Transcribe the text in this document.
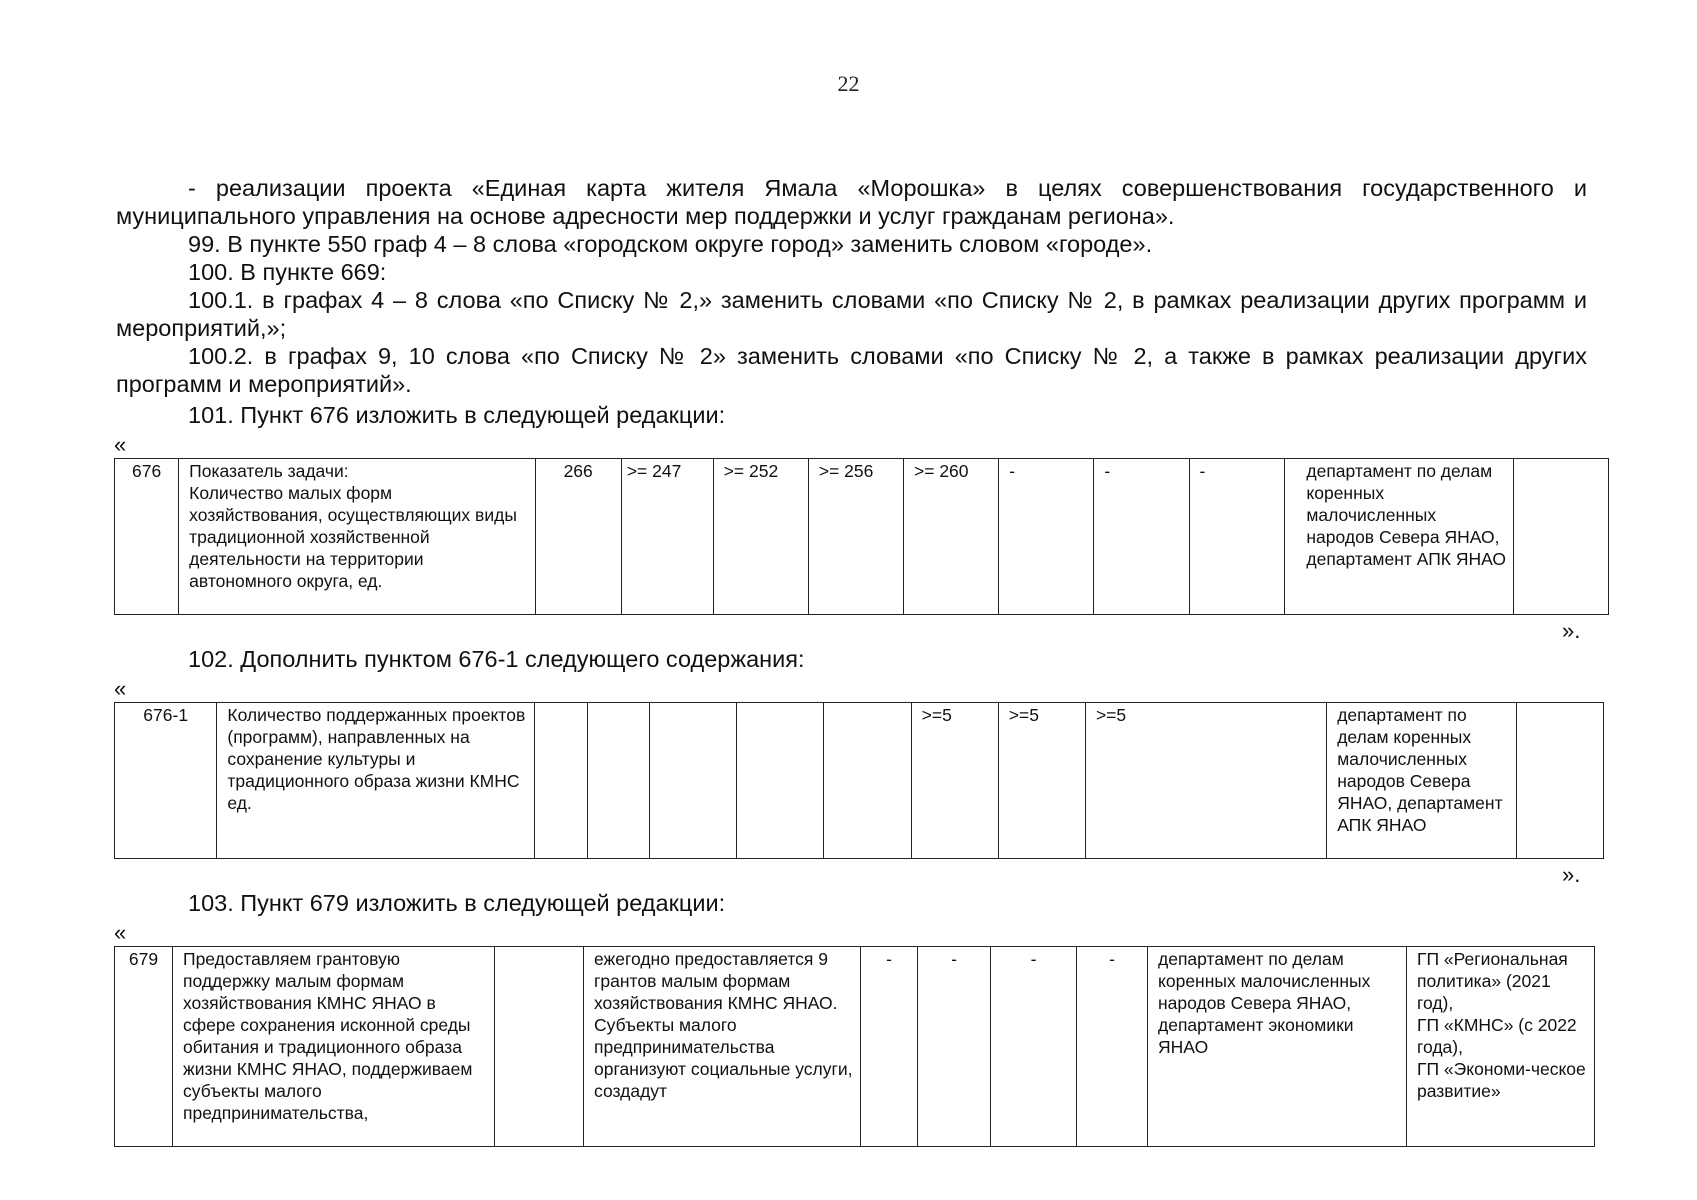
22
- реализации проекта «Единая карта жителя Ямала «Морошка» в целях совершенствования государственного и муниципального управления на основе адресности мер поддержки и услуг гражданам региона».
99. В пункте 550 граф 4 – 8 слова «городском округе город» заменить словом «городе».
100. В пункте 669:
100.1. в графах 4 – 8 слова «по Списку № 2,» заменить словами «по Списку № 2, в рамках реализации других программ и мероприятий,»;
100.2. в графах 9, 10 слова «по Списку № 2» заменить словами «по Списку № 2, а также в рамках реализации других программ и мероприятий».
101. Пункт 676 изложить в следующей редакции:
«
676	Показатель задачи:
Количество малых форм хозяйствования, осуществляющих виды традиционной хозяйственной деятельности на территории автономного округа, ед.	266	>= 247	>= 252	>= 256	>= 260	-	-	-		департамент по делам коренных малочисленных народов Севера ЯНАО, департамент АПК ЯНАО	
».
102. Дополнить пунктом 676-1 следующего содержания:
«
676-1	Количество поддержанных проектов (программ), направленных на сохранение культуры и традиционного образа жизни КМНС ед.						>=5	>=5	>=5		департамент по делам коренных малочисленных народов Севера ЯНАО, департамент АПК ЯНАО	
».
103. Пункт 679 изложить в следующей редакции:
«
679	Предоставляем грантовую поддержку малым формам хозяйствования КМНС ЯНАО в сфере сохранения исконной среды обитания и традиционного образа жизни КМНС ЯНАО, поддерживаем субъекты малого предпринимательства,		ежегодно предоставляется 9 грантов малым формам хозяйствования КМНС ЯНАО.
Субъекты малого предпринимательства организуют социальные услуги, создадут	-	-	-	-	департамент по делам коренных малочисленных народов Севера ЯНАО, департамент экономики ЯНАО	ГП «Региональная политика» (2021 год),
ГП «КМНС» (с 2022 года),
ГП «Экономи-ческое развитие»
